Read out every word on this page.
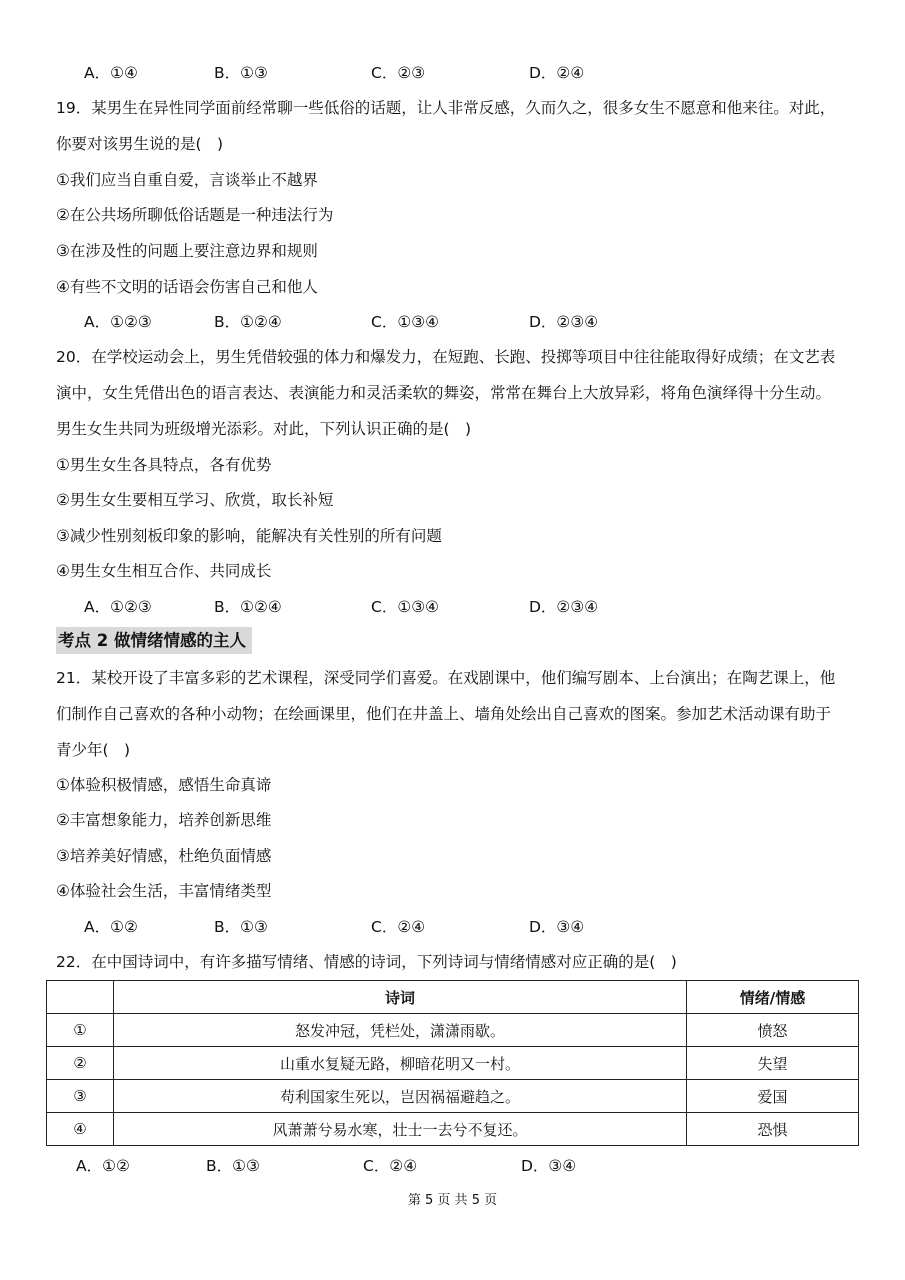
A．①④	B．①③	C．②③	D．②④
19．某男生在异性同学面前经常聊一些低俗的话题，让人非常反感，久而久之，很多女生不愿意和他来往。对此，
你要对该男生说的是(　)
①我们应当自重自爱，言谈举止不越界
②在公共场所聊低俗话题是一种违法行为
③在涉及性的问题上要注意边界和规则
④有些不文明的话语会伤害自己和他人
A．①②③	B．①②④	C．①③④	D．②③④
20．在学校运动会上，男生凭借较强的体力和爆发力，在短跑、长跑、投掷等项目中往往能取得好成绩；在文艺表
演中，女生凭借出色的语言表达、表演能力和灵活柔软的舞姿，常常在舞台上大放异彩，将角色演绎得十分生动。
男生女生共同为班级增光添彩。对此，下列认识正确的是(　)
①男生女生各具特点，各有优势
②男生女生要相互学习、欣赏，取长补短
③减少性别刻板印象的影响，能解决有关性别的所有问题
④男生女生相互合作、共同成长
A．①②③	B．①②④	C．①③④	D．②③④
考点 2 做情绪情感的主人
21．某校开设了丰富多彩的艺术课程，深受同学们喜爱。在戏剧课中，他们编写剧本、上台演出；在陶艺课上，他
们制作自己喜欢的各种小动物；在绘画课里，他们在井盖上、墙角处绘出自己喜欢的图案。参加艺术活动课有助于
青少年(　)
①体验积极情感，感悟生命真谛
②丰富想象能力，培养创新思维
③培养美好情感，杜绝负面情感
④体验社会生活，丰富情绪类型
A．①②	B．①③	C．②④	D．③④
22．在中国诗词中，有许多描写情绪、情感的诗词，下列诗词与情绪情感对应正确的是(　)
	诗词	情绪/情感
①	怒发冲冠，凭栏处，潇潇雨歇。	愤怒
②	山重水复疑无路，柳暗花明又一村。	失望
③	苟利国家生死以，岂因祸福避趋之。	爱国
④	风萧萧兮易水寒，壮士一去兮不复还。	恐惧
A．①②	B．①③	C．②④	D．③④
第 5 页 共 5 页
